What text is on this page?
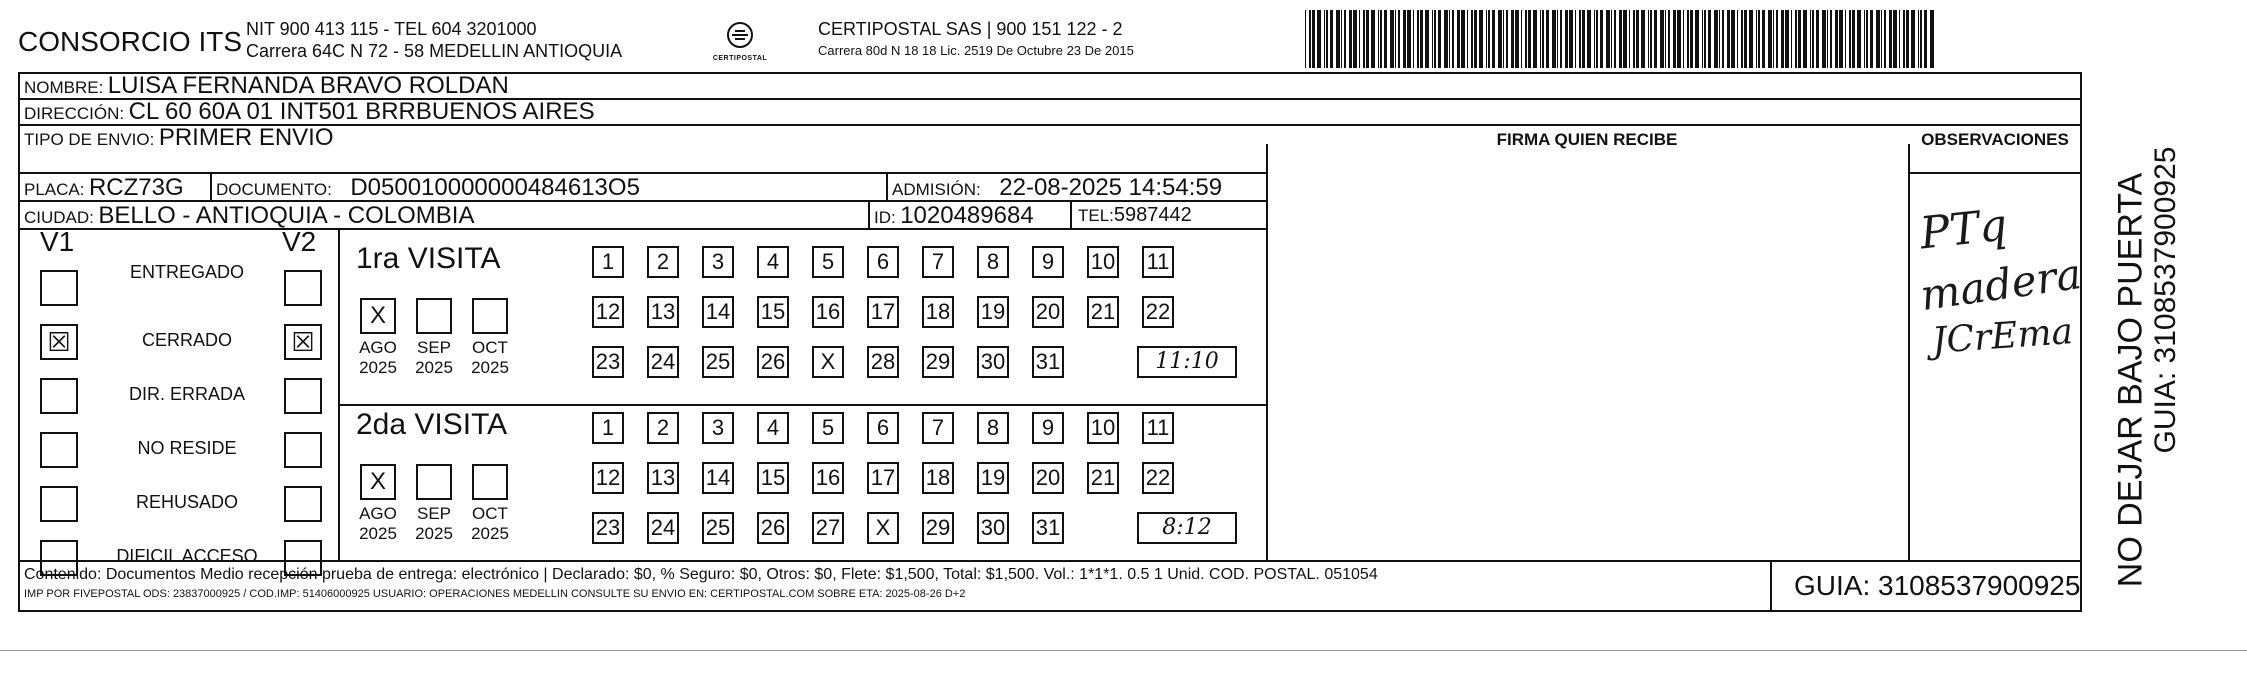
CONSORCIO ITS NIT 900 413 115 - TEL 604 3201000
Carrera 64C N 72 - 58 MEDELLIN ANTIOQUIA	CERTIPOSTAL
CERTIPOSTAL SAS | 900 151 122 - 2
Carrera 80d N 18 18 Lic. 2519 De Octubre 23 De 2015
NOMBRE: LUISA FERNANDA BRAVO ROLDAN
DIRECCIÓN: CL 60 60A 01 INT501 BRRBUENOS AIRES
TIPO DE ENVIO: PRIMER ENVIO	FIRMA QUIEN RECIBE	OBSERVACIONES
PLACA: RCZ73G DOCUMENTO: D050010000000484613O5	ADMISIÓN: 22-08-2025 14:54:59
CIUDAD: BELLO - ANTIOQUIA - COLOMBIA	ID: 1020489684	TEL:5987442
V1	V2
ENTREGADO
☒	CERRADO	☒
DIR. ERRADA
NO RESIDE
REHUSADO
DIFICIL ACCESO
1ra VISITA
X
AGO
2025
SEP
2025
OCT
2025
1	2	3	4	5	6	7	8	9	10 11
12 13 14 15 16 17 18 19 20 21 22
23 24 25 26	X	28 29 30 31	11:10
2da VISITA
X
AGO
2025
SEP
2025
OCT
2025
1	2	3	4	5	6	7	8	9	10 11
12 13 14 15 16 17 18 19 20 21 22
23 24 25 26 27	X	29 30 31	8:12
PTq
madera
JCrEma
Contenido: Documentos Medio recepción prueba de entrega: electrónico | Declarado: $0, % Seguro: $0, Otros: $0, Flete: $1,500, Total: $1,500. Vol.: 1*1*1. 0.5 1 Unid. COD. POSTAL. 051054
IMP POR FIVEPOSTAL ODS: 23837000925 / COD.IMP: 51406000925 USUARIO: OPERACIONES MEDELLIN CONSULTE SU ENVIO EN: CERTIPOSTAL.COM SOBRE ETA: 2025-08-26 D+2	GUIA: 3108537900925 NO DEJAR BAJO PUERTA GUIA: 3108537900925
